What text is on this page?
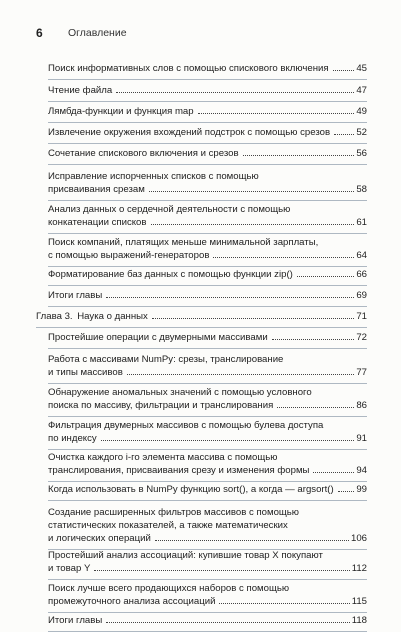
6 Оглавление
Поиск информативных слов с помощью спискового включения	45
Чтение файла	47
Лямбда-функции и функция map	49
Извлечение окружения вхождений подстрок с помощью срезов	52
Сочетание спискового включения и срезов	56
Исправление испорченных списков с помощью
присваивания срезам	58
Анализ данных о сердечной деятельности с помощью
конкатенации списков	61
Поиск компаний, платящих меньше минимальной зарплаты,
с помощью выражений-генераторов	64
Форматирование баз данных с помощью функции zip()	66
Итоги главы	69
Глава 3. Наука о данных	71
Простейшие операции с двумерными массивами	72
Работа с массивами NumPy: срезы, транслирование
и типы массивов	77
Обнаружение аномальных значений с помощью условного
поиска по массиву, фильтрации и транслирования	86
Фильтрация двумерных массивов с помощью булева доступа
по индексу	91
Очистка каждого i-го элемента массива с помощью
транслирования, присваивания срезу и изменения формы	94
Когда использовать в NumPy функцию sort(), а когда — argsort() 99
Создание расширенных фильтров массивов с помощью
статистических показателей, а также математических
и логических операций	106
Простейший анализ ассоциаций: купившие товар X покупают
и товар Y	112
Поиск лучше всего продающихся наборов с помощью
промежуточного анализа ассоциаций	115
Итоги главы	118
